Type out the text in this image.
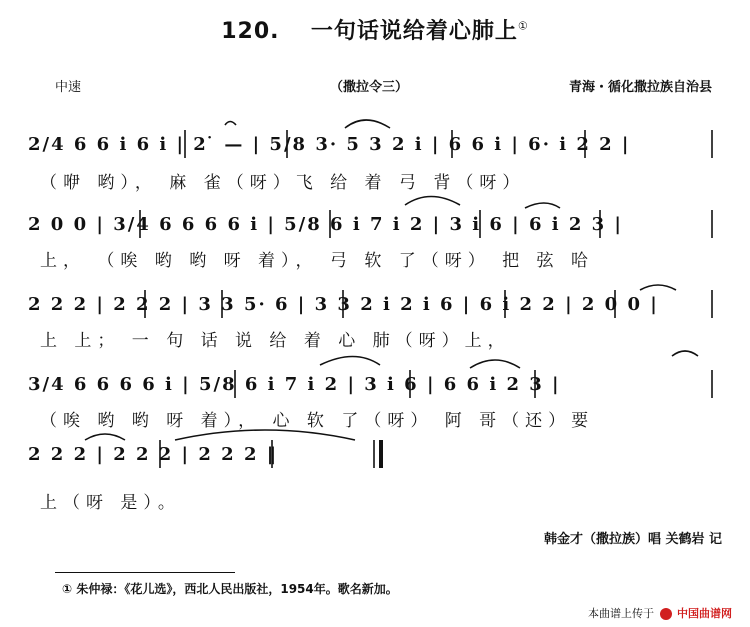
120. 一句话说给着心肺上①
中速	（撒拉令三）	青海・循化撒拉族自治县
2/4 6 6 i 6 i | 2 ̇ — | 5/8 3· 5 3 2 i | 6 6 i | 6· i 2 2 |
（咿 哟）， 麻 雀（呀）飞 给 着 弓 背（呀）
2 0 0 | 3/4 6 6 6 6 i | 5/8 6 i 7 i 2 | 3 i 6 | 6 i 2 3 |
上， （唉 哟 哟 呀 着）， 弓 软 了（呀） 把 弦 哈
2 2 2 | 2 2 2 | 3 3 5· 6 | 3 3 2 i 2 i 6 | 6 i 2 2 | 2 0 0 |
上 上； 一 句 话 说 给 着 心 肺（呀）上，
3/4 6 6 6 6 i | 5/8 6 i 7 i 2 | 3 i 6 | 6 6 i 2 3 |
（唉 哟 哟 呀 着）， 心 软 了（呀） 阿 哥（还）要
2 2 2 | 2 2 2 | 2 2 2 ‖
上（呀 是）。
韩金才（撒拉族）唱 关鹤岩 记
① 朱仲禄：《花儿选》，西北人民出版社，1954年。歌名新加。
本曲谱上传于 中国曲谱网
